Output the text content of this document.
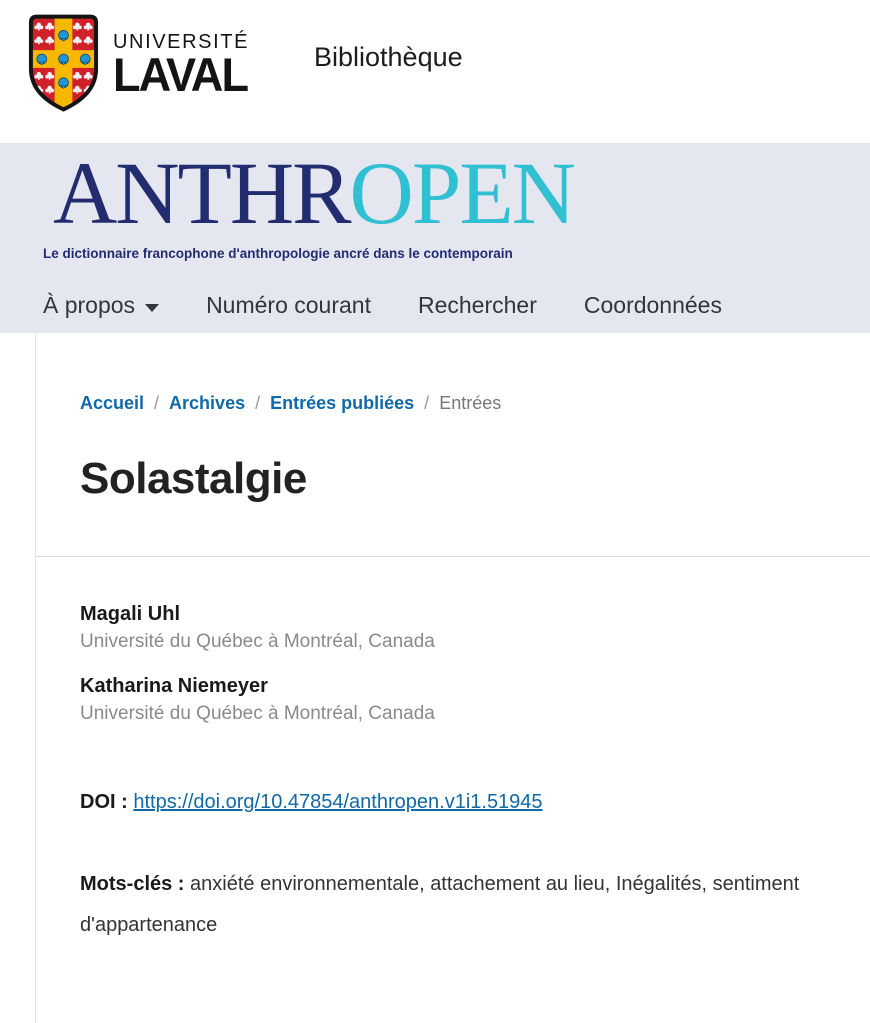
UNIVERSITÉ
LAVAL Bibliothèque
ANTHROPEN
Le dictionnaire francophone d'anthropologie ancré dans le contemporain
À propos	Numéro courant Rechercher Coordonnées
Accueil / Archives / Entrées publiées / Entrées
Solastalgie
Magali Uhl
Université du Québec à Montréal, Canada
Katharina Niemeyer
Université du Québec à Montréal, Canada

DOI : https://doi.org/10.47854/anthropen.v1i1.51945

Mots-clés : anxiété environnementale, attachement au lieu, Inégalités, sentiment d'appartenance
